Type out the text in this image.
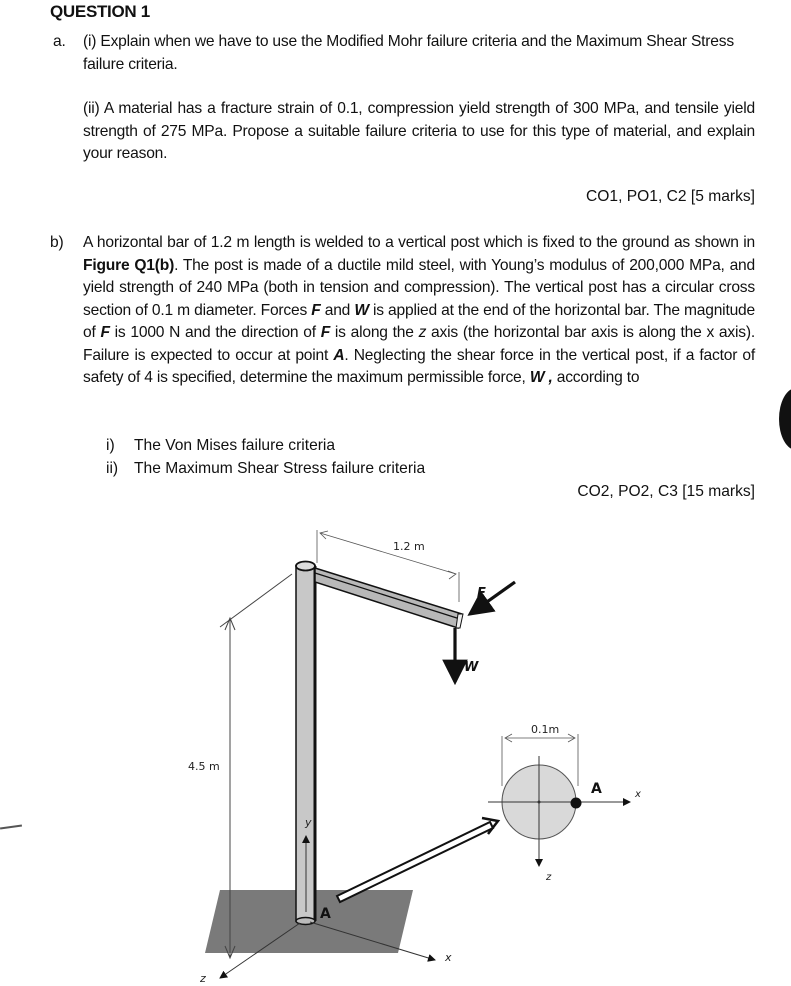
QUESTION 1
a. (i) Explain when we have to use the Modified Mohr failure criteria and the Maximum Shear Stress failure criteria.
(ii) A material has a fracture strain of 0.1, compression yield strength of 300 MPa, and tensile yield strength of 275 MPa. Propose a suitable failure criteria to use for this type of material, and explain your reason.
CO1, PO1, C2 [5 marks]
b) A horizontal bar of 1.2 m length is welded to a vertical post which is fixed to the ground as shown in Figure Q1(b). The post is made of a ductile mild steel, with Young’s modulus of 200,000 MPa, and yield strength of 240 MPa (both in tension and compression). The vertical post has a circular cross section of 0.1 m diameter. Forces F and W is applied at the end of the horizontal bar. The magnitude of F is 1000 N and the direction of F is along the z axis (the horizontal bar axis is along the x axis). Failure is expected to occur at point A. Neglecting the shear force in the vertical post, if a factor of safety of 4 is specified, determine the maximum permissible force, W , according to
i) The Von Mises failure criteria
ii) The Maximum Shear Stress failure criteria
CO2, PO2, C3 [15 marks]
4.5 m
1.2 m
F
W
y
x
z
A
0.1m
A	x
z
